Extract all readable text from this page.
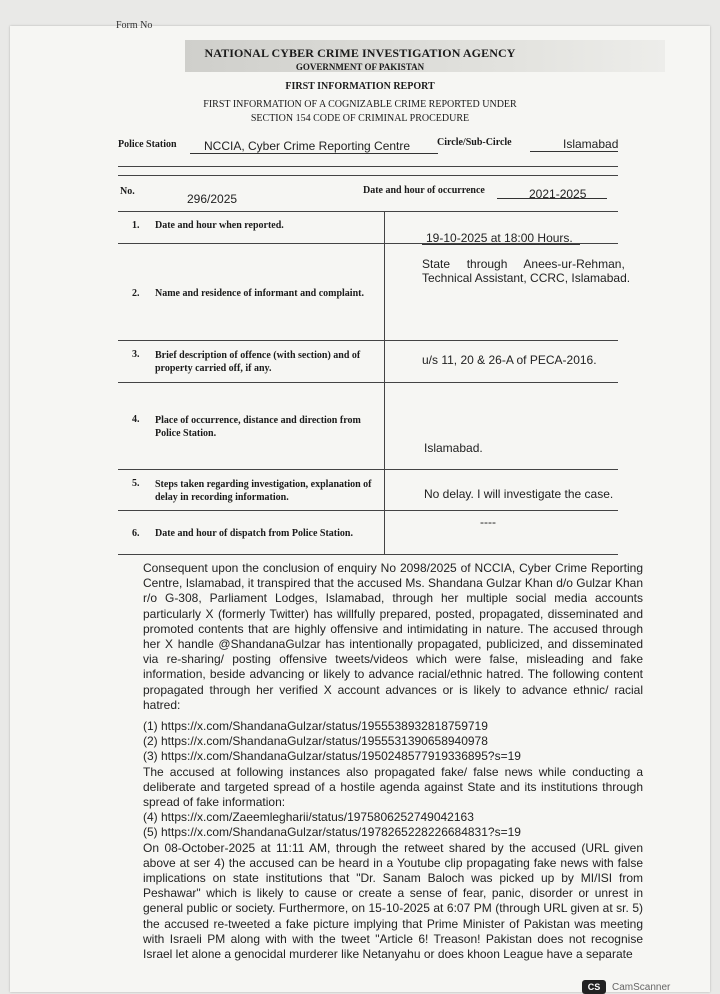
Form No
NATIONAL CYBER CRIME INVESTIGATION AGENCY
GOVERNMENT OF PAKISTAN
FIRST INFORMATION REPORT
FIRST INFORMATION OF A COGNIZABLE CRIME REPORTED UNDER
SECTION 154 CODE OF CRIMINAL PROCEDURE
Police Station NCCIA, Cyber Crime Reporting Centre	Circle/Sub-Circle	Islamabad
No.
296/2025
Date and hour of occurrence	2021-2025
1. Date and hour when reported.
19-10-2025 at 18:00 Hours.
2. Name and residence of informant and complaint.
State     through     Anees-ur-Rehman, Technical Assistant, CCRC, Islamabad.
3. Brief description of offence (with section) and of property carried off, if any.
u/s 11, 20 & 26-A of PECA-2016.
4. Place of occurrence, distance and direction from Police Station.
Islamabad.
5. Steps taken regarding investigation, explanation of delay in recording information.	No delay. I will investigate the case.
6. Date and hour of dispatch from Police Station.
----

Consequent upon the conclusion of enquiry No 2098/2025 of NCCIA, Cyber Crime Reporting Centre, Islamabad, it transpired that the accused Ms. Shandana Gulzar Khan d/o Gulzar Khan r/o G-308, Parliament Lodges, Islamabad, through her multiple social media accounts particularly X (formerly Twitter) has willfully prepared, posted, propagated, disseminated and promoted contents that are highly offensive and intimidating in nature. The accused through her X handle @ShandanaGulzar has intentionally propagated, publicized, and disseminated via re-sharing/ posting offensive tweets/videos which were false, misleading and fake information, beside advancing or likely to advance racial/ethnic hatred. The following content propagated through her verified X account advances or is likely to advance ethnic/ racial hatred:

(1) https://x.com/ShandanaGulzar/status/1955538932818759719

(2) https://x.com/ShandanaGulzar/status/1955531390658940978

(3) https://x.com/ShandanaGulzar/status/1950248577919336895?s=19

The accused at following instances also propagated fake/ false news while conducting a deliberate and targeted spread of a hostile agenda against State and its institutions through spread of fake information:

(4) https://x.com/Zaeemlegharii/status/1975806252749042163

(5) https://x.com/ShandanaGulzar/status/1978265228226684831?s=19

On 08-October-2025 at 11:11 AM, through the retweet shared by the accused (URL given above at ser 4) the accused can be heard in a Youtube clip propagating fake news with false implications on state institutions that "Dr. Sanam Baloch was picked up by MI/ISI from Peshawar" which is likely to cause or create a sense of fear, panic, disorder or unrest in general public or society. Furthermore, on 15-10-2025 at 6:07 PM (through URL given at sr. 5) the accused re-tweeted a fake picture implying that Prime Minister of Pakistan was meeting with Israeli PM along with with the tweet "Article 6! Treason! Pakistan does not recognise Israel let alone a genocidal murderer like Netanyahu or does khoon League have a separate

CS	CamScanner
